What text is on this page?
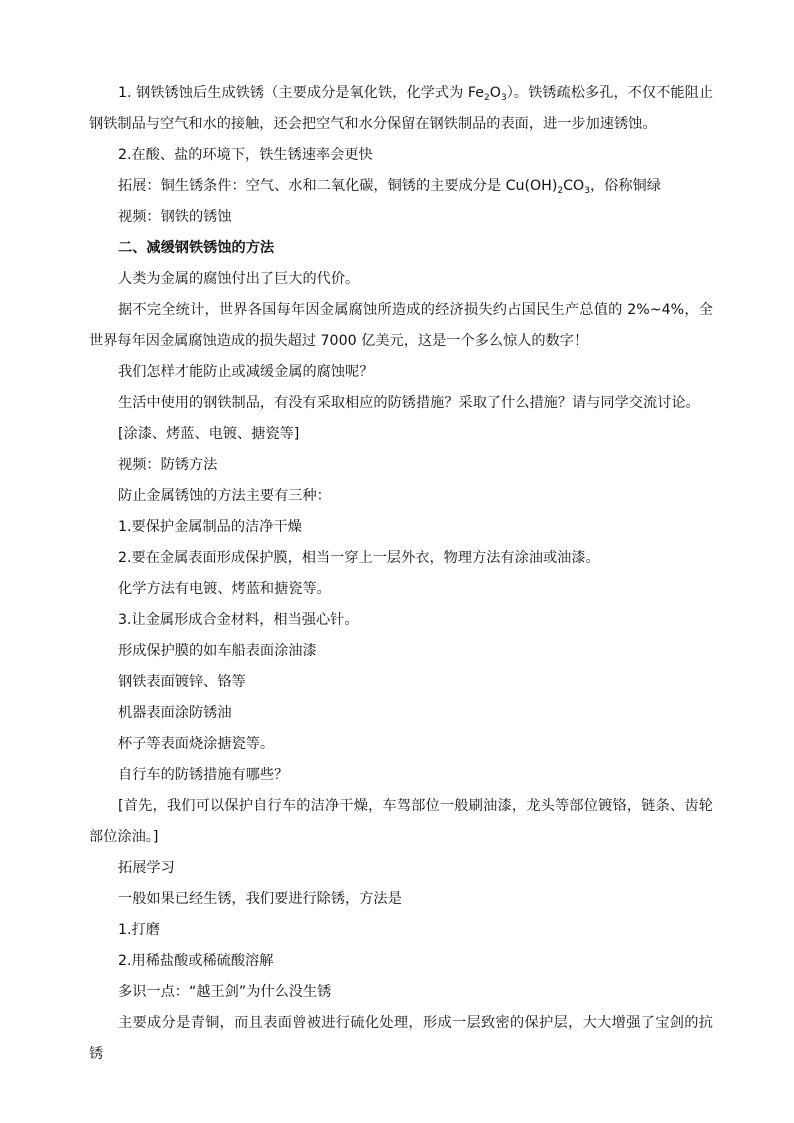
1. 钢铁锈蚀后生成铁锈（主要成分是氧化铁，化学式为 $Fe_2O_3$）。铁锈疏松多孔，不仅不能阻止钢铁制品与空气和水的接触，还会把空气和水分保留在钢铁制品的表面，进一步加速锈蚀。

2.在酸、盐的环境下，铁生锈速率会更快

拓展：铜生锈条件：空气、水和二氧化碳，铜锈的主要成分是 $Cu(OH)_2CO_3$，俗称铜绿

视频：钢铁的锈蚀

二、减缓钢铁锈蚀的方法

人类为金属的腐蚀付出了巨大的代价。

据不完全统计，世界各国每年因金属腐蚀所造成的经济损失约占国民生产总值的 2%~4%，全世界每年因金属腐蚀造成的损失超过 7000 亿美元，这是一个多么惊人的数字！

我们怎样才能防止或减缓金属的腐蚀呢？

生活中使用的钢铁制品，有没有采取相应的防锈措施？采取了什么措施？请与同学交流讨论。

[涂漆、烤蓝、电镀、搪瓷等]

视频：防锈方法

防止金属锈蚀的方法主要有三种：

1.要保护金属制品的洁净干燥

2.要在金属表面形成保护膜，相当一穿上一层外衣，物理方法有涂油或油漆。

化学方法有电镀、烤蓝和搪瓷等。

3.让金属形成合金材料，相当强心针。

形成保护膜的如车船表面涂油漆

钢铁表面镀锌、铬等

机器表面涂防锈油

杯子等表面烧涂搪瓷等。

自行车的防锈措施有哪些？

[首先，我们可以保护自行车的洁净干燥，车驾部位一般刷油漆，龙头等部位镀铬，链条、齿轮部位涂油。]

拓展学习

一般如果已经生锈，我们要进行除锈，方法是

1.打磨

2.用稀盐酸或稀硫酸溶解

多识一点：“越王剑”为什么没生锈

主要成分是青铜，而且表面曾被进行硫化处理，形成一层致密的保护层，大大增强了宝剑的抗锈
